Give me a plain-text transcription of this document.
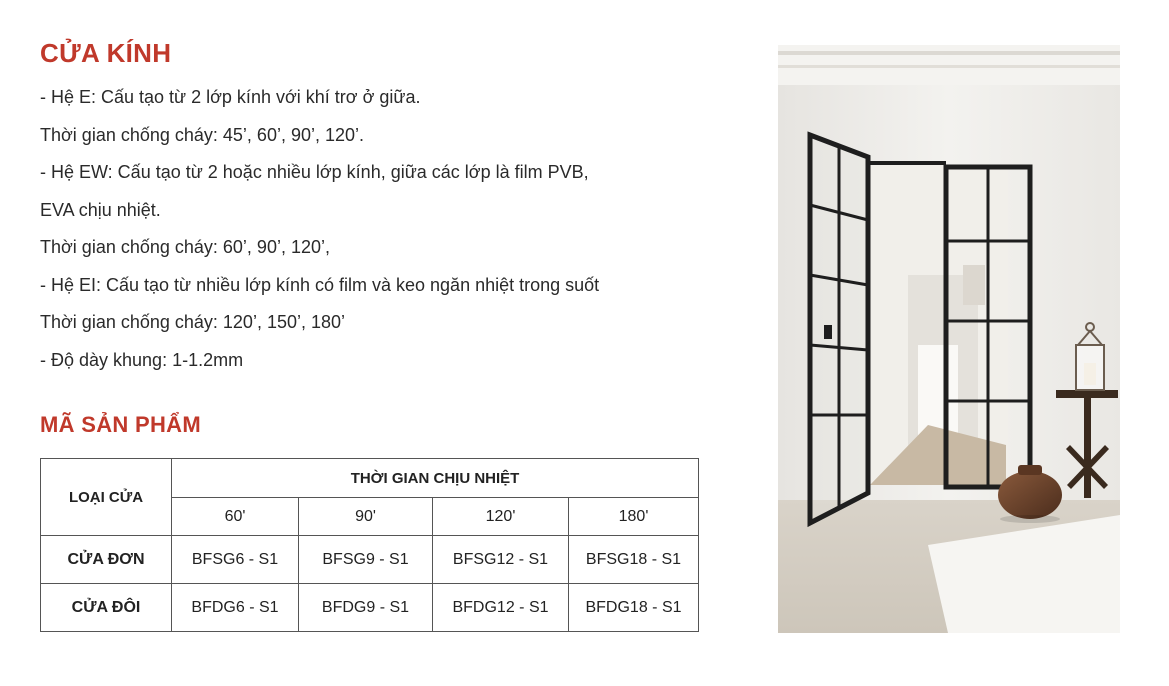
CỬA KÍNH
- Hệ E: Cấu tạo từ 2 lớp kính với khí trơ ở giữa.
Thời gian chống cháy: 45’, 60’, 90’, 120’.
- Hệ EW: Cấu tạo từ 2 hoặc nhiều lớp kính, giữa các lớp là film PVB,
EVA chịu nhiệt.
Thời gian chống cháy: 60’, 90’, 120’,
- Hệ EI: Cấu tạo từ nhiều lớp kính có film và keo ngăn nhiệt trong suốt
Thời gian chống cháy: 120’, 150’, 180’
- Độ dày khung: 1-1.2mm
MÃ SẢN PHẨM
LOẠI CỬA	THỜI GIAN CHỊU NHIỆT			
	60'	90'	120'	180'
CỬA ĐƠN	BFSG6 - S1	BFSG9 - S1	BFSG12 - S1	BFSG18 - S1
CỬA ĐÔI	BFDG6 - S1	BFDG9 - S1	BFDG12 - S1	BFDG18 - S1
